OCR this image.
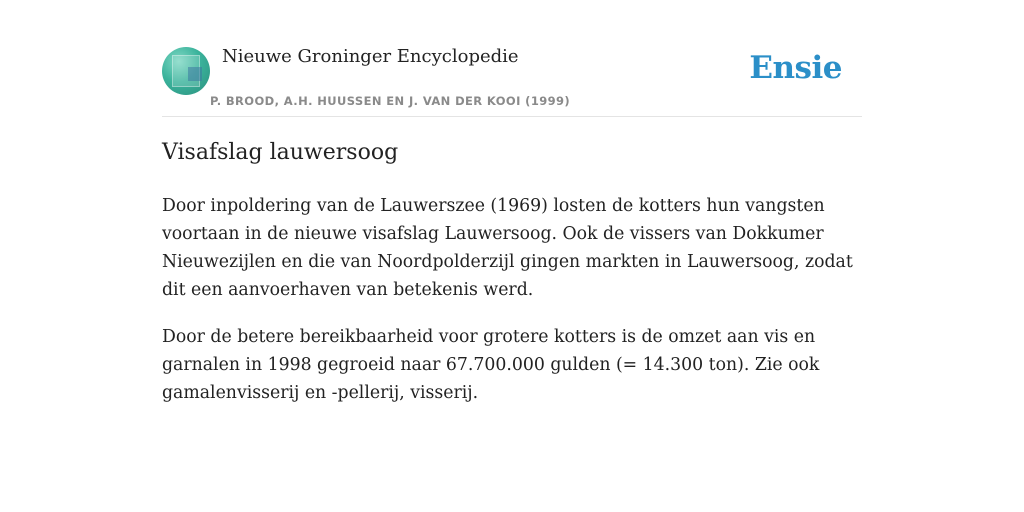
Nieuwe Groninger Encyclopedie
P. BROOD, A.H. HUUSSEN EN J. VAN DER KOOI (1999)
Ensie
Visafslag lauwersoog

Door inpoldering van de Lauwerszee (1969) losten de kotters hun vangsten voortaan in de nieuwe visafslag Lauwersoog. Ook de vissers van Dokkumer Nieuwezijlen en die van Noordpolderzijl gingen markten in Lauwersoog, zodat dit een aanvoerhaven van betekenis werd.

Door de betere bereikbaarheid voor grotere kotters is de omzet aan vis en garnalen in 1998 gegroeid naar 67.700.000 gulden (= 14.300 ton). Zie ook gamalenvisserij en -pellerij, visserij.
